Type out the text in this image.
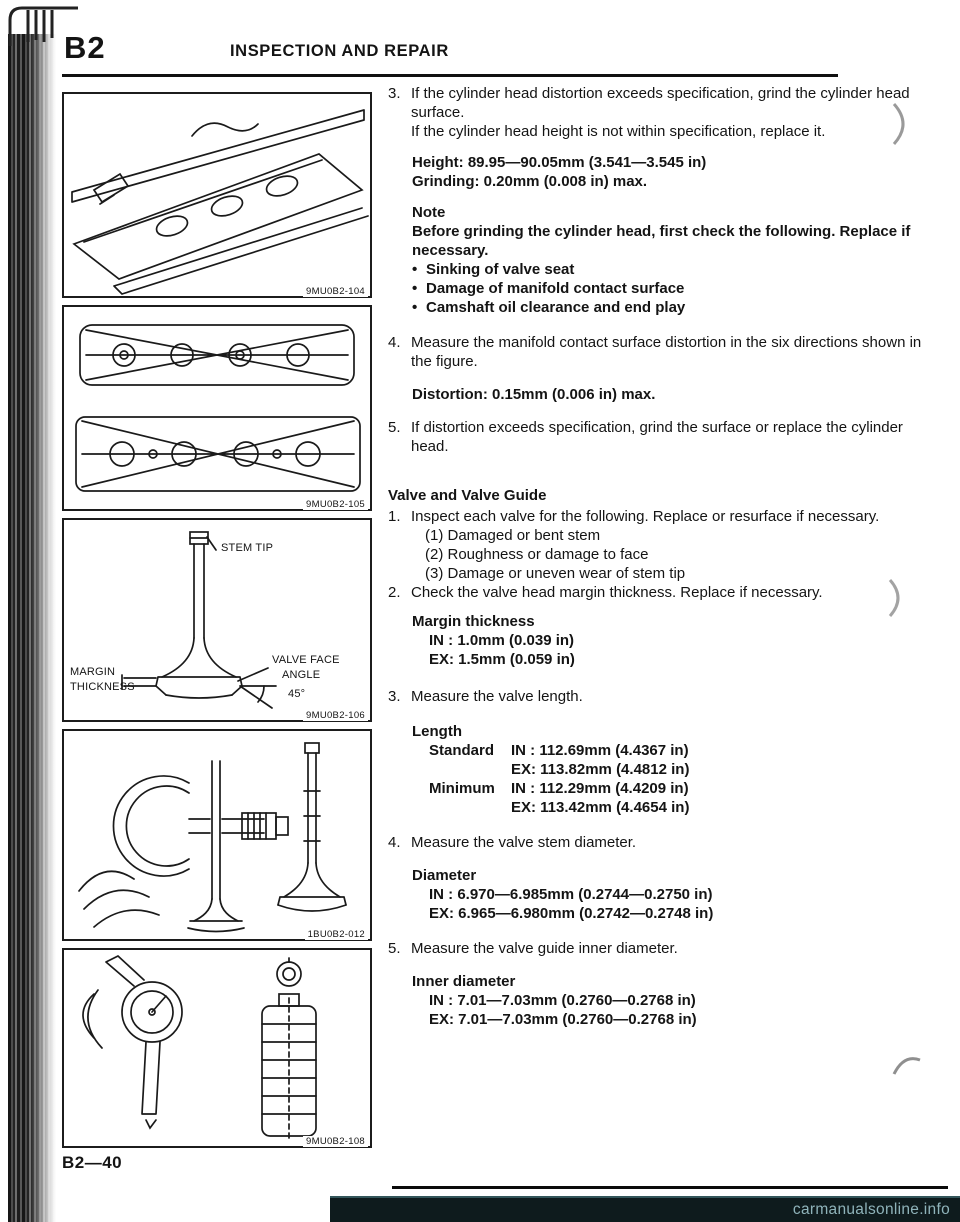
B2	INSPECTION AND REPAIR
9MU0B2-104
9MU0B2-105
STEM TIP
MARGIN
THICKNESS
VALVE FACE
ANGLE
45°
9MU0B2-106
1BU0B2-012
9MU0B2-108
3. If the cylinder head distortion exceeds specification, grind the cylinder head surface.
If the cylinder head height is not within specification, replace it.
Height: 89.95—90.05mm (3.541—3.545 in)
Grinding: 0.20mm (0.008 in) max.
Note
Before grinding the cylinder head, first check the following. Replace if necessary.
• Sinking of valve seat
• Damage of manifold contact surface
• Camshaft oil clearance and end play
4. Measure the manifold contact surface distortion in the six directions shown in the figure.
Distortion: 0.15mm (0.006 in) max.
5. If distortion exceeds specification, grind the surface or replace the cylinder head.
Valve and Valve Guide
1. Inspect each valve for the following. Replace or resurface if necessary.
(1) Damaged or bent stem
(2) Roughness or damage to face
(3) Damage or uneven wear of stem tip
2. Check the valve head margin thickness. Replace if necessary.
Margin thickness
IN : 1.0mm (0.039 in)
EX: 1.5mm (0.059 in)
3. Measure the valve length.
Length
Standard	IN : 112.69mm (4.4367 in)
EX: 113.82mm (4.4812 in)
Minimum	IN : 112.29mm (4.4209 in)
EX: 113.42mm (4.4654 in)
4. Measure the valve stem diameter.
Diameter
IN : 6.970—6.985mm (0.2744—0.2750 in)
EX: 6.965—6.980mm (0.2742—0.2748 in)
5. Measure the valve guide inner diameter.
Inner diameter
IN : 7.01—7.03mm (0.2760—0.2768 in)
EX: 7.01—7.03mm (0.2760—0.2768 in)
B2—40
carmanualsonline.info
